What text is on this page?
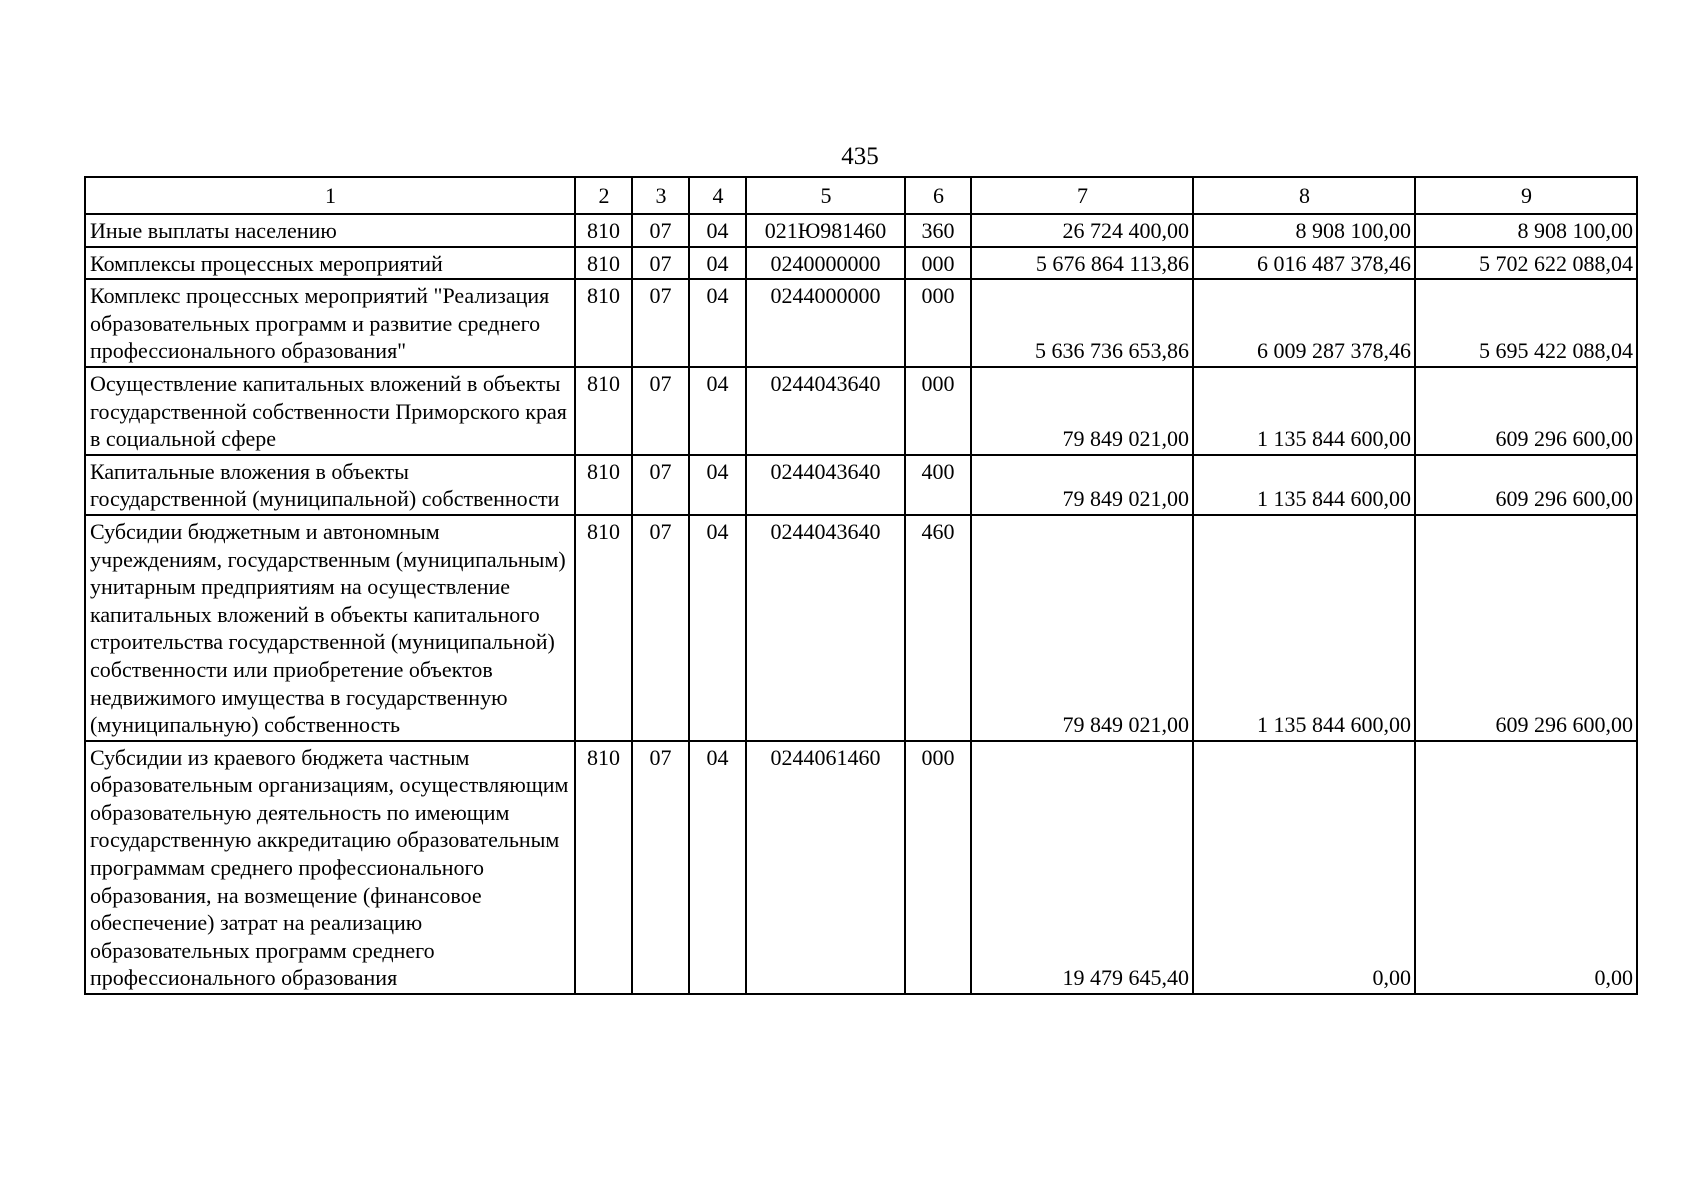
435
1	2	3	4	5	6	7	8	9
Иные выплаты населению	810	07	04	021Ю981460	360	26 724 400,00	8 908 100,00	8 908 100,00
Комплексы процессных мероприятий	810	07	04	0240000000	000	5 676 864 113,86	6 016 487 378,46	5 702 622 088,04
Комплекс процессных мероприятий "Реализация образовательных программ и развитие среднего профессионального образования"	810	07	04	0244000000	000	5 636 736 653,86	6 009 287 378,46	5 695 422 088,04
Осуществление капитальных вложений в объекты государственной собственности Приморского края в социальной сфере	810	07	04	0244043640	000	79 849 021,00	1 135 844 600,00	609 296 600,00
Капитальные вложения в объекты государственной (муниципальной) собственности	810	07	04	0244043640	400	79 849 021,00	1 135 844 600,00	609 296 600,00
Субсидии бюджетным и автономным учреждениям, государственным (муниципальным) унитарным предприятиям на осуществление капитальных вложений в объекты капитального строительства государственной (муниципальной) собственности или приобретение объектов недвижимого имущества в государственную (муниципальную) собственность	810	07	04	0244043640	460	79 849 021,00	1 135 844 600,00	609 296 600,00
Субсидии из краевого бюджета частным образовательным организациям, осуществляющим образовательную деятельность по имеющим государственную аккредитацию образовательным программам среднего профессионального образования, на возмещение (финансовое обеспечение) затрат на реализацию образовательных программ среднего профессионального образования	810	07	04	0244061460	000	19 479 645,40	0,00	0,00
